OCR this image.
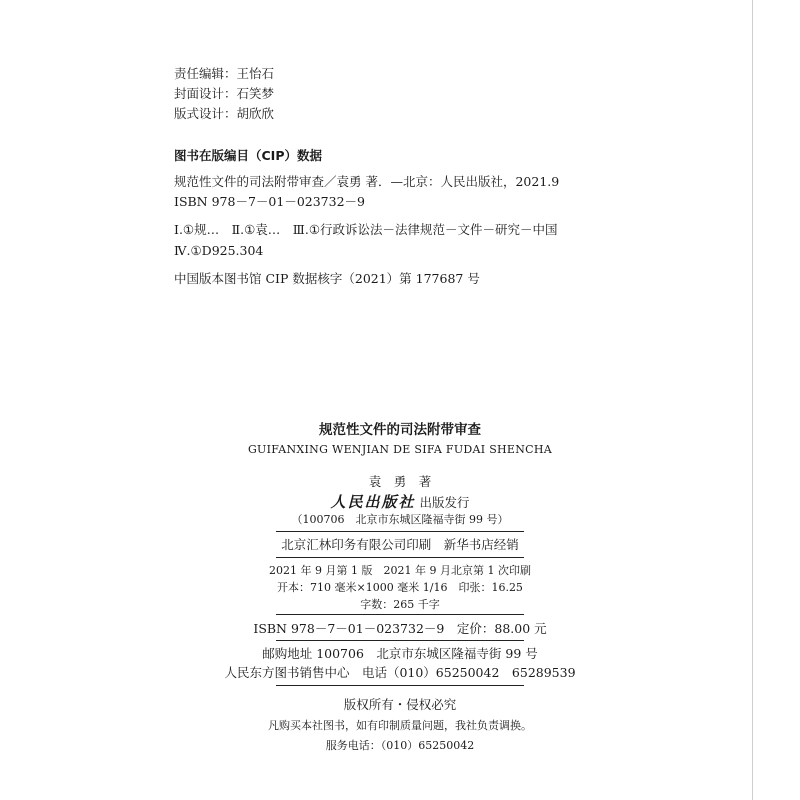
责任编辑：王怡石
封面设计：石笑梦
版式设计：胡欣欣
图书在版编目（CIP）数据
规范性文件的司法附带审查／袁勇 著．—北京：人民出版社，2021.9
ISBN 978－7－01－023732－9
Ⅰ.①规…　Ⅱ.①袁…　Ⅲ.①行政诉讼法－法律规范－文件－研究－中国
Ⅳ.①D925.304
中国版本图书馆 CIP 数据核字（2021）第 177687 号
规范性文件的司法附带审查
GUIFANXING WENJIAN DE SIFA FUDAI SHENCHA
袁　勇　著
人民出版社 出版发行
（100706　北京市东城区隆福寺街 99 号）
北京汇林印务有限公司印刷　新华书店经销
2021 年 9 月第 1 版　2021 年 9 月北京第 1 次印刷
开本：710 毫米×1000 毫米 1/16　印张：16.25
字数：265 千字
ISBN 978－7－01－023732－9　定价：88.00 元
邮购地址 100706　北京市东城区隆福寺街 99 号
人民东方图书销售中心　电话（010）65250042　65289539
版权所有・侵权必究
凡购买本社图书，如有印制质量问题，我社负责调换。
服务电话：（010）65250042
